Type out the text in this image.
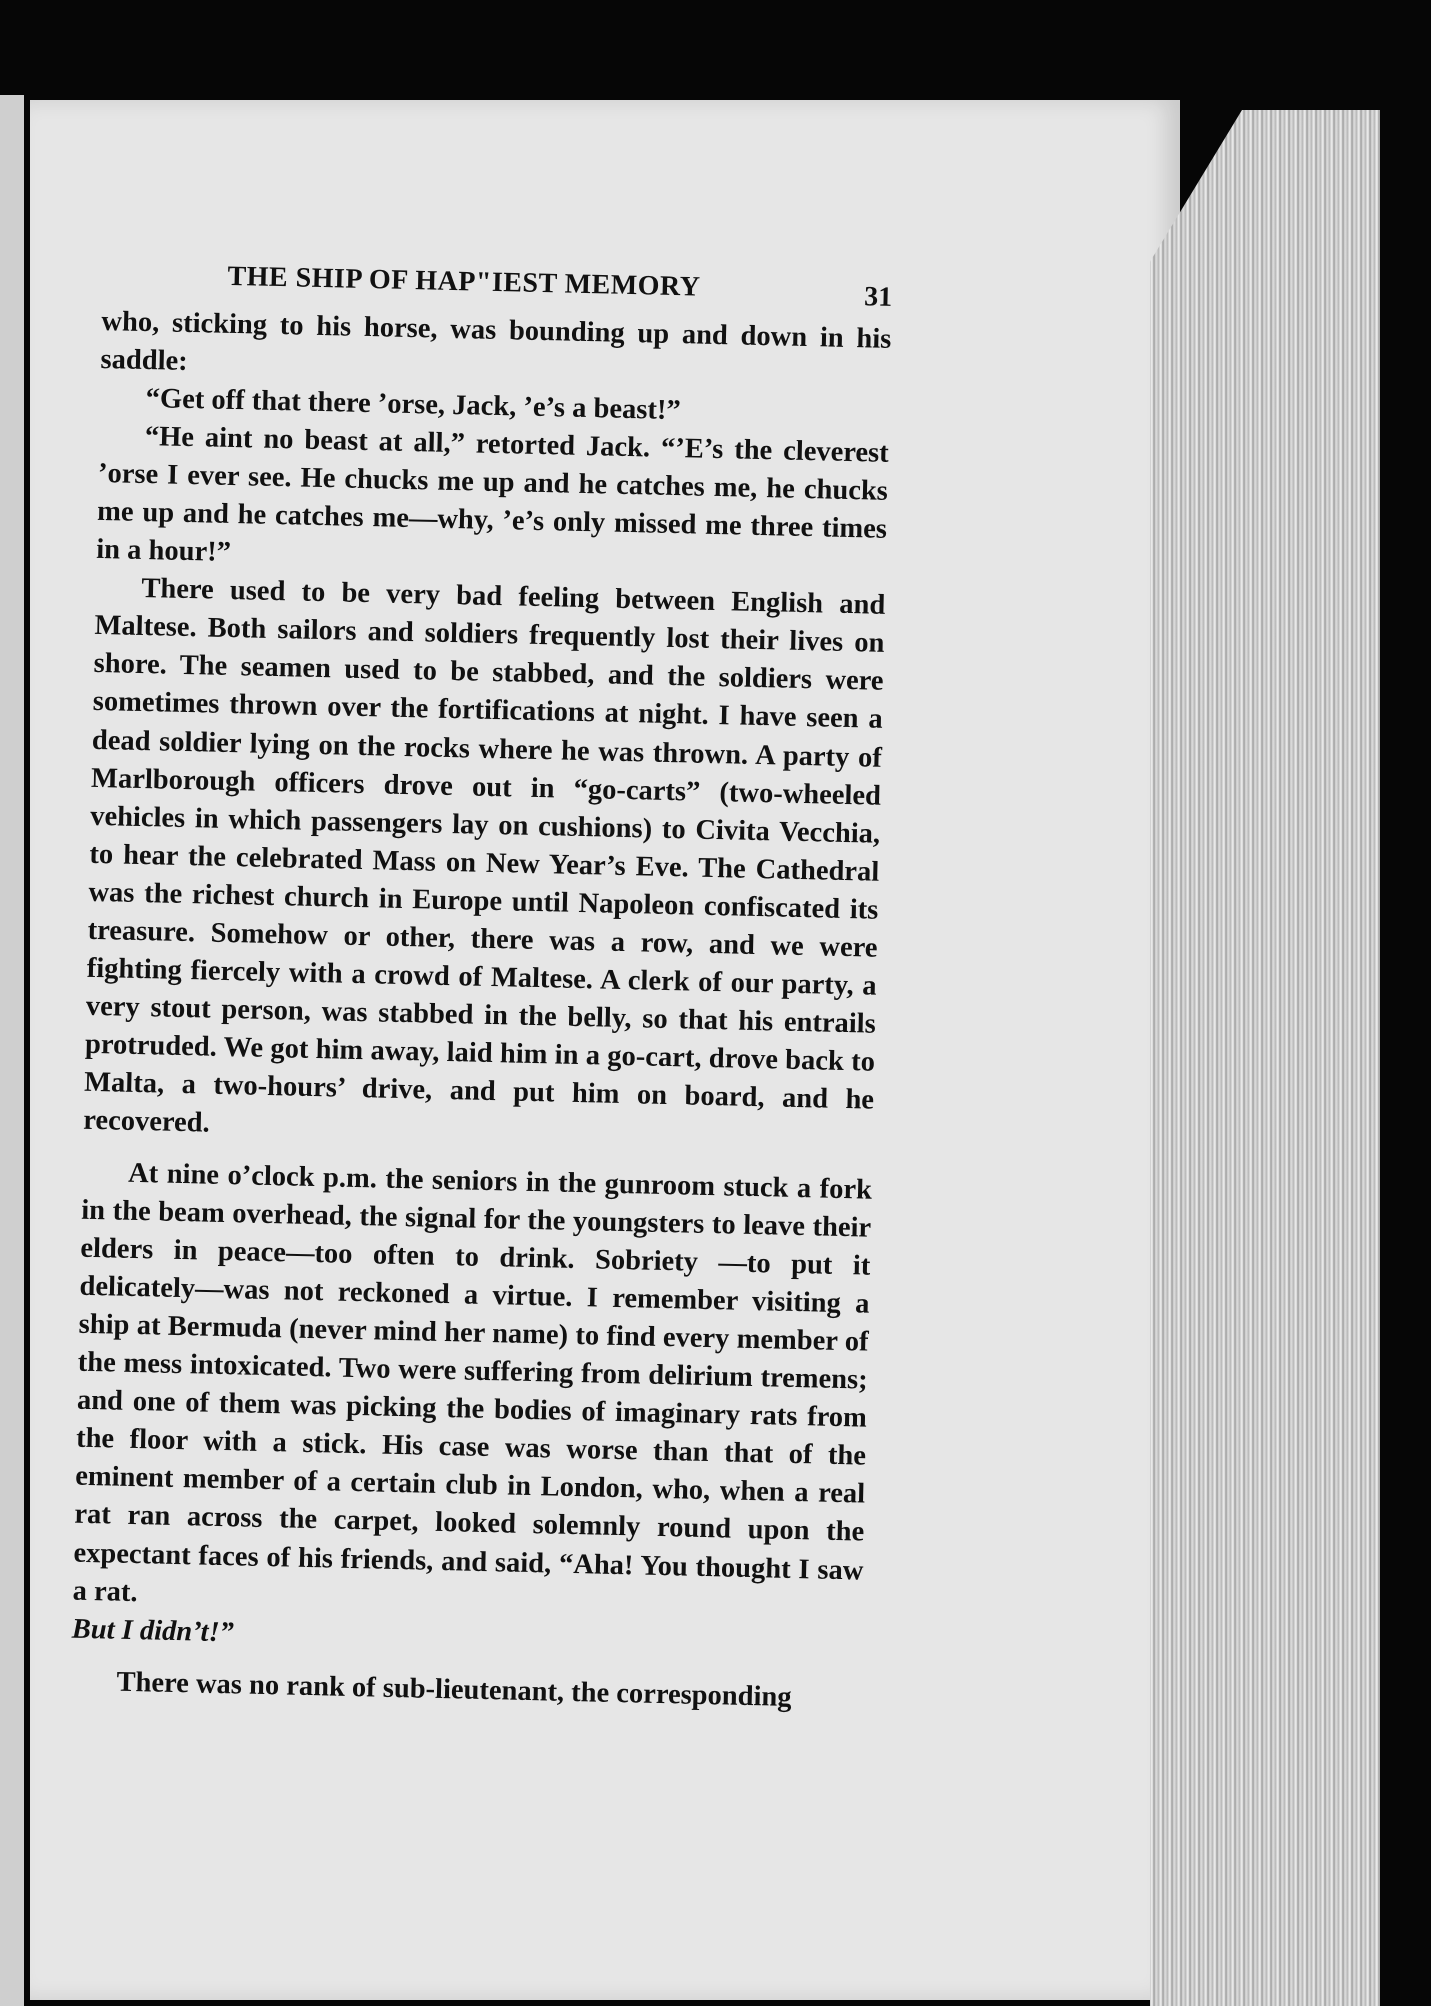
THE SHIP OF HAP"IEST MEMORY	31

who, sticking to his horse, was bounding up and down in his saddle:

“Get off that there ’orse, Jack, ’e’s a beast!”

“He aint no beast at all,” retorted Jack. “’E’s the cleverest ’orse I ever see. He chucks me up and he catches me, he chucks me up and he catches me—why, ’e’s only missed me three times in a hour!”

There used to be very bad feeling between English and Maltese. Both sailors and soldiers frequently lost their lives on shore. The seamen used to be stabbed, and the soldiers were sometimes thrown over the fortifications at night. I have seen a dead soldier lying on the rocks where he was thrown. A party of Marlborough officers drove out in “go-carts” (two-wheeled vehicles in which passengers lay on cushions) to Civita Vecchia, to hear the celebrated Mass on New Year’s Eve. The Cathedral was the richest church in Europe until Napoleon confiscated its treasure. Somehow or other, there was a row, and we were fighting fiercely with a crowd of Maltese. A clerk of our party, a very stout person, was stabbed in the belly, so that his entrails protruded. We got him away, laid him in a go-cart, drove back to Malta, a two-hours’ drive, and put him on board, and he recovered.

At nine o’clock p.m. the seniors in the gunroom stuck a fork in the beam overhead, the signal for the youngsters to leave their elders in peace—too often to drink. Sobriety —to put it delicately—was not reckoned a virtue. I remember visiting a ship at Bermuda (never mind her name) to find every member of the mess intoxicated. Two were suffering from delirium tremens; and one of them was picking the bodies of imaginary rats from the floor with a stick. His case was worse than that of the eminent member of a certain club in London, who, when a real rat ran across the carpet, looked solemnly round upon the expectant faces of his friends, and said, “Aha! You thought I saw a rat.

But I didn’t!”

There was no rank of sub-lieutenant, the corresponding
